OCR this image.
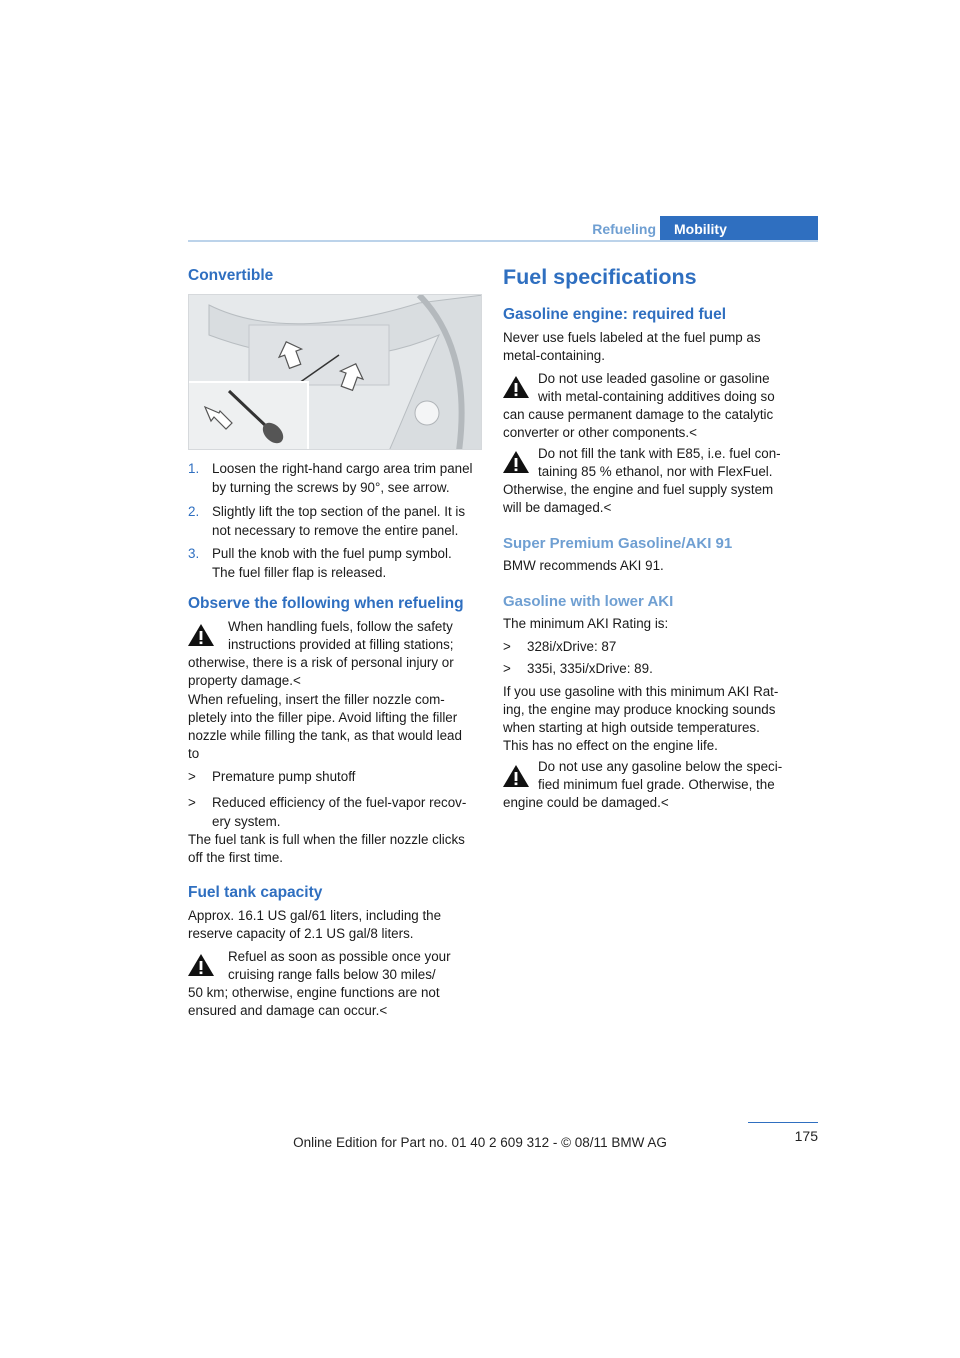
Refueling	Mobility
Convertible
1. Loosen the right-hand cargo area trim panel
by turning the screws by 90°, see arrow.
2. Slightly lift the top section of the panel. It is
not necessary to remove the entire panel.
3. Pull the knob with the fuel pump symbol.
The fuel filler flap is released.
Observe the following when refueling
When handling fuels, follow the safety
instructions provided at filling stations;
otherwise, there is a risk of personal injury or
property damage.<
When refueling, insert the filler nozzle com-
pletely into the filler pipe. Avoid lifting the filler
nozzle while filling the tank, as that would lead
to
> Premature pump shutoff
> Reduced efficiency of the fuel-vapor recov-
ery system.
The fuel tank is full when the filler nozzle clicks
off the first time.
Fuel tank capacity
Approx. 16.1 US gal/61 liters, including the
reserve capacity of 2.1 US gal/8 liters.
Refuel as soon as possible once your
cruising range falls below 30 miles/
50 km; otherwise, engine functions are not
ensured and damage can occur.<
Fuel specifications
Gasoline engine: required fuel
Never use fuels labeled at the fuel pump as
metal-containing.
Do not use leaded gasoline or gasoline
with metal-containing additives doing so
can cause permanent damage to the catalytic
converter or other components.<
Do not fill the tank with E85, i.e. fuel con-
taining 85 % ethanol, nor with FlexFuel.
Otherwise, the engine and fuel supply system
will be damaged.<
Super Premium Gasoline/AKI 91
BMW recommends AKI 91.
Gasoline with lower AKI
The minimum AKI Rating is:
> 328i/xDrive: 87
> 335i, 335i/xDrive: 89.
If you use gasoline with this minimum AKI Rat-
ing, the engine may produce knocking sounds
when starting at high outside temperatures.
This has no effect on the engine life.
Do not use any gasoline below the speci-
fied minimum fuel grade. Otherwise, the
engine could be damaged.<
175
Online Edition for Part no. 01 40 2 609 312 - © 08/11 BMW AG
